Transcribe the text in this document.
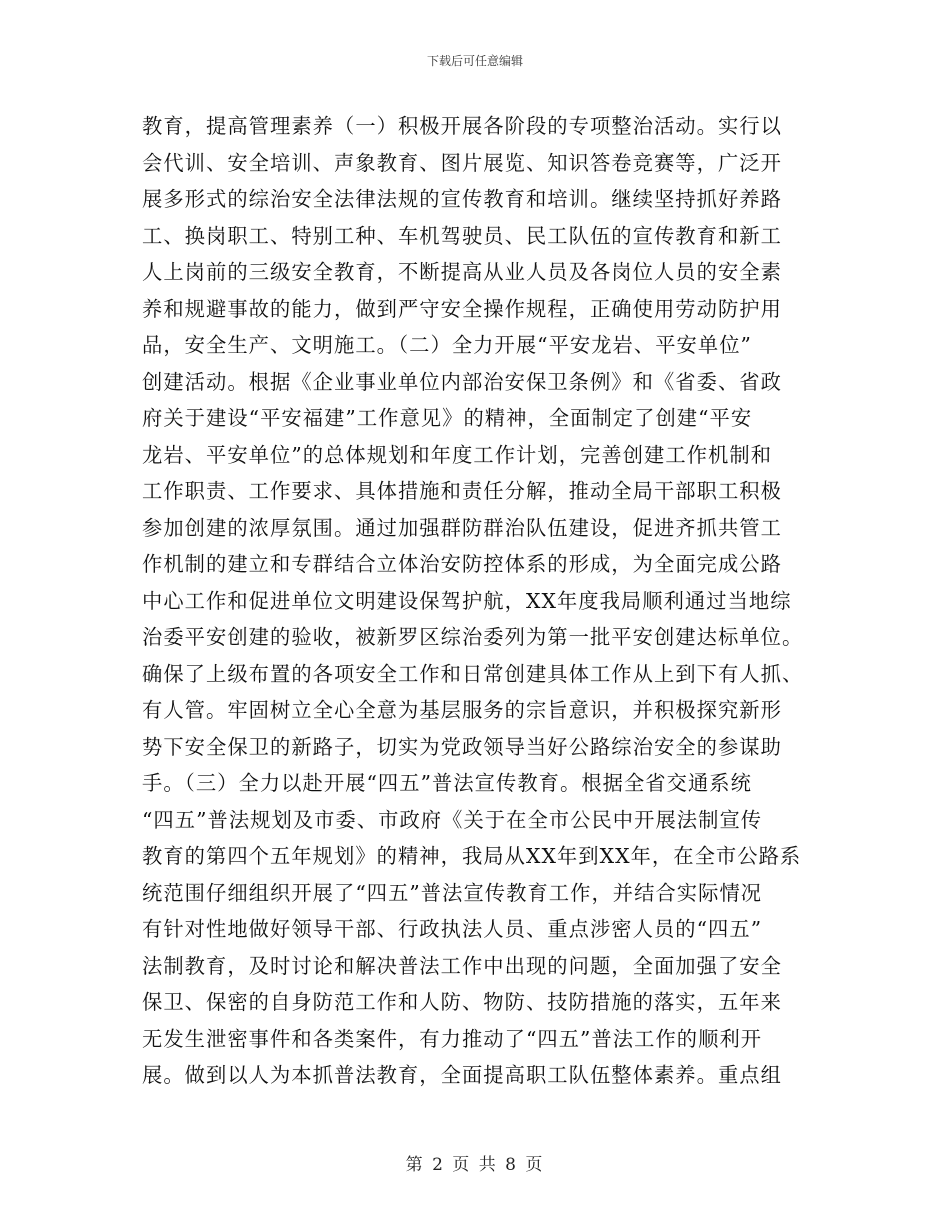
下载后可任意编辑
教育，提高管理素养（一）积极开展各阶段的专项整治活动。实行以
会代训、安全培训、声象教育、图片展览、知识答卷竞赛等，广泛开
展多形式的综治安全法律法规的宣传教育和培训。继续坚持抓好养路
工、换岗职工、特别工种、车机驾驶员、民工队伍的宣传教育和新工
人上岗前的三级安全教育，不断提高从业人员及各岗位人员的安全素
养和规避事故的能力，做到严守安全操作规程，正确使用劳动防护用
品，安全生产、文明施工。（二）全力开展“平安龙岩、平安单位”
创建活动。根据《企业事业单位内部治安保卫条例》和《省委、省政
府关于建设“平安福建”工作意见》的精神，全面制定了创建“平安
龙岩、平安单位”的总体规划和年度工作计划，完善创建工作机制和
工作职责、工作要求、具体措施和责任分解，推动全局干部职工积极
参加创建的浓厚氛围。通过加强群防群治队伍建设，促进齐抓共管工
作机制的建立和专群结合立体治安防控体系的形成，为全面完成公路
中心工作和促进单位文明建设保驾护航，XX年度我局顺利通过当地综
治委平安创建的验收，被新罗区综治委列为第一批平安创建达标单位。
确保了上级布置的各项安全工作和日常创建具体工作从上到下有人抓、
有人管。牢固树立全心全意为基层服务的宗旨意识，并积极探究新形
势下安全保卫的新路子，切实为党政领导当好公路综治安全的参谋助
手。（三）全力以赴开展“四五”普法宣传教育。根据全省交通系统
“四五”普法规划及市委、市政府《关于在全市公民中开展法制宣传
教育的第四个五年规划》的精神，我局从XX年到XX年，在全市公路系
统范围仔细组织开展了“四五”普法宣传教育工作，并结合实际情况
有针对性地做好领导干部、行政执法人员、重点涉密人员的“四五”
法制教育，及时讨论和解决普法工作中出现的问题，全面加强了安全
保卫、保密的自身防范工作和人防、物防、技防措施的落实，五年来
无发生泄密事件和各类案件，有力推动了“四五”普法工作的顺利开
展。做到以人为本抓普法教育，全面提高职工队伍整体素养。重点组
第 2 页 共 8 页
